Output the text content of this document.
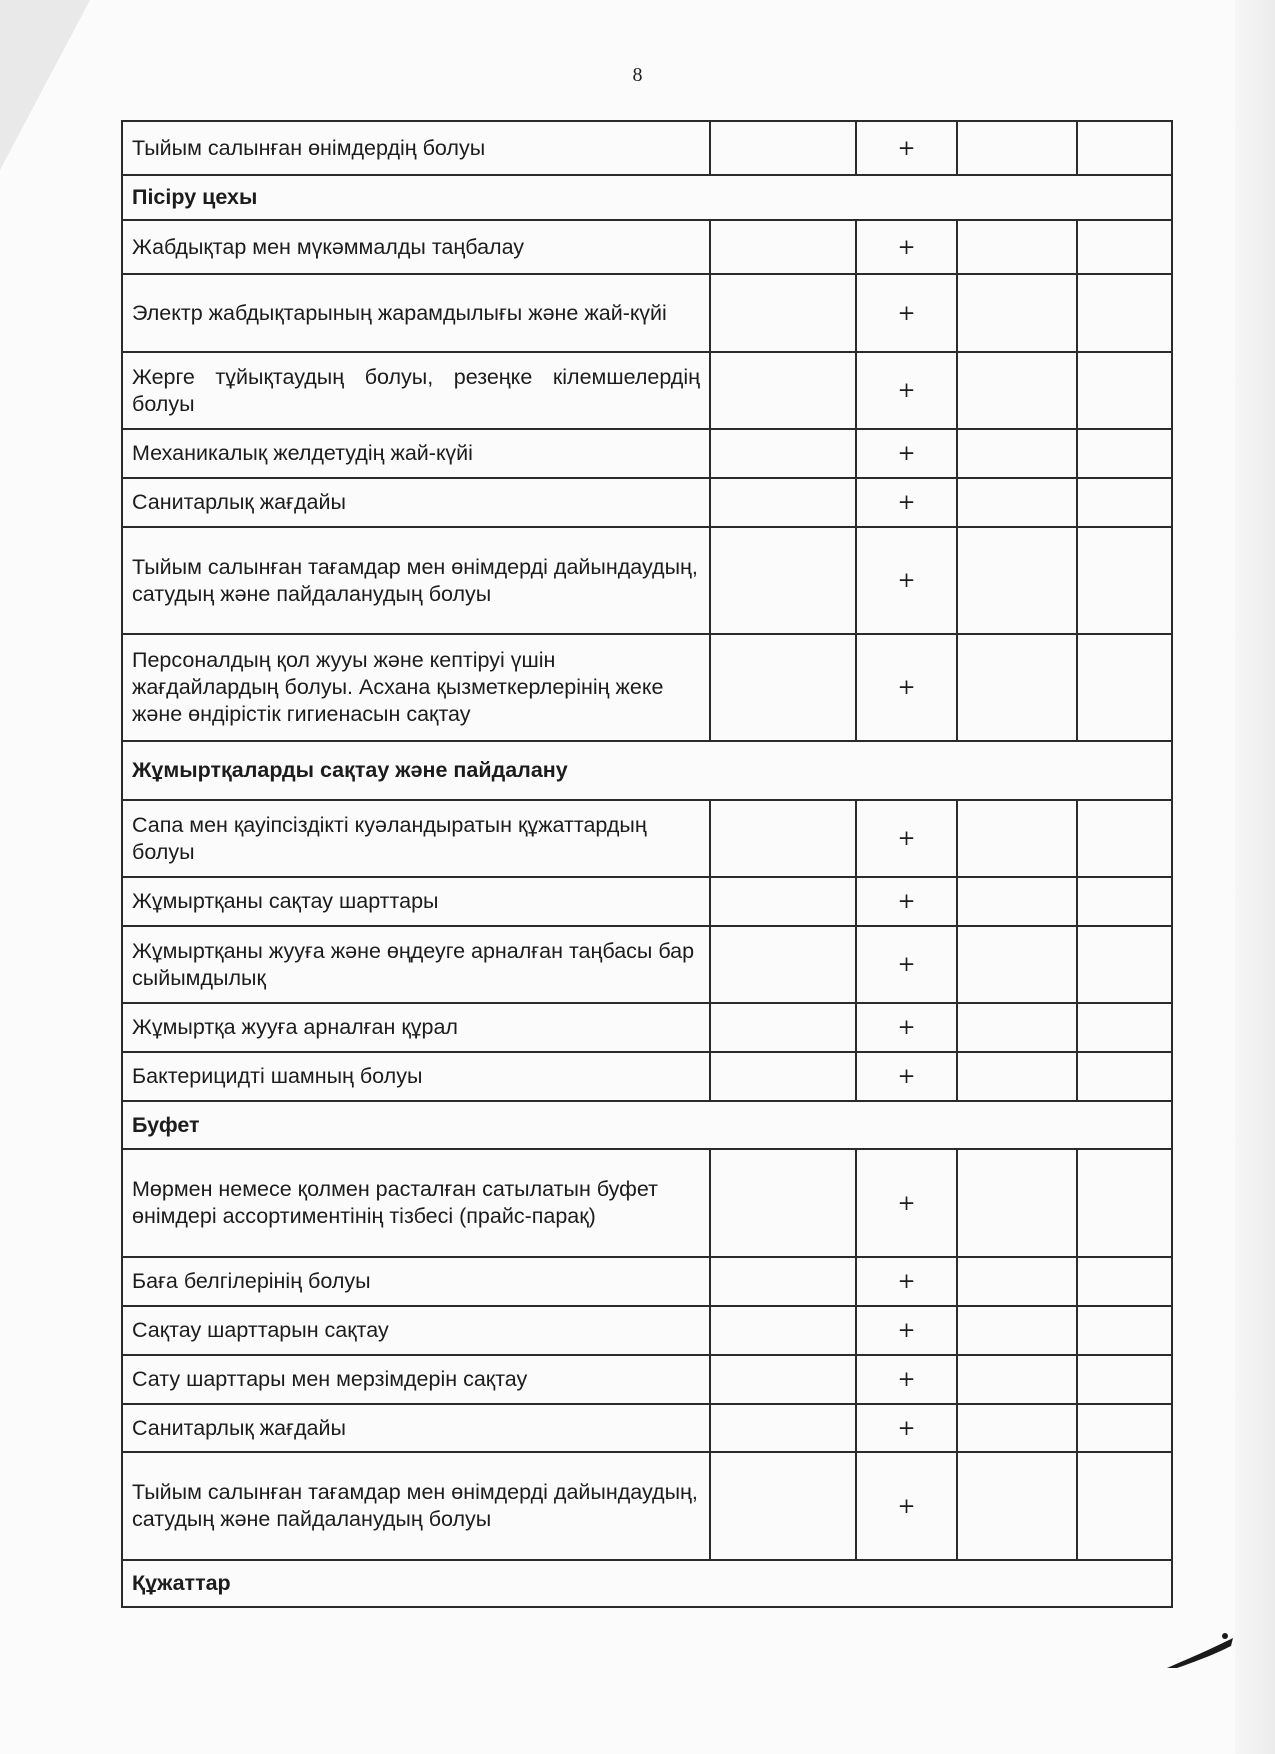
8
Тыйым салынған өнімдердің болуы		+		
Пісіру цехы				
Жабдықтар мен мүкәммалды таңбалау		+		
Электр жабдықтарының жарамдылығы және жай-күйі		+		
Жерге тұйықтаудың болуы, резеңке кілемшелердің болуы		+		
Механикалық желдетудің жай-күйі		+		
Санитарлық жағдайы		+		
Тыйым салынған тағамдар мен өнімдерді дайындаудың, сатудың және пайдаланудың болуы		+		
Персоналдың қол жууы және кептіруі үшін жағдайлардың болуы. Асхана қызметкерлерінің жеке және өндірістік гигиенасын сақтау		+		
Жұмыртқаларды сақтау және пайдалану				
Сапа мен қауіпсіздікті куәландыратын құжаттардың болуы		+		
Жұмыртқаны сақтау шарттары		+		
Жұмыртқаны жууға және өңдеуге арналған таңбасы бар сыйымдылық		+		
Жұмыртқа жууға арналған құрал		+		
Бактерицидті шамның болуы		+		
Буфет				
Мөрмен немесе қолмен расталған сатылатын буфет өнімдері ассортиментінің тізбесі (прайс-парақ)		+		
Баға белгілерінің болуы		+		
Сақтау шарттарын сақтау		+		
Сату шарттары мен мерзімдерін сақтау		+		
Санитарлық жағдайы		+		
Тыйым салынған тағамдар мен өнімдерді дайындаудың, сатудың және пайдаланудың болуы		+		
Құжаттар				
